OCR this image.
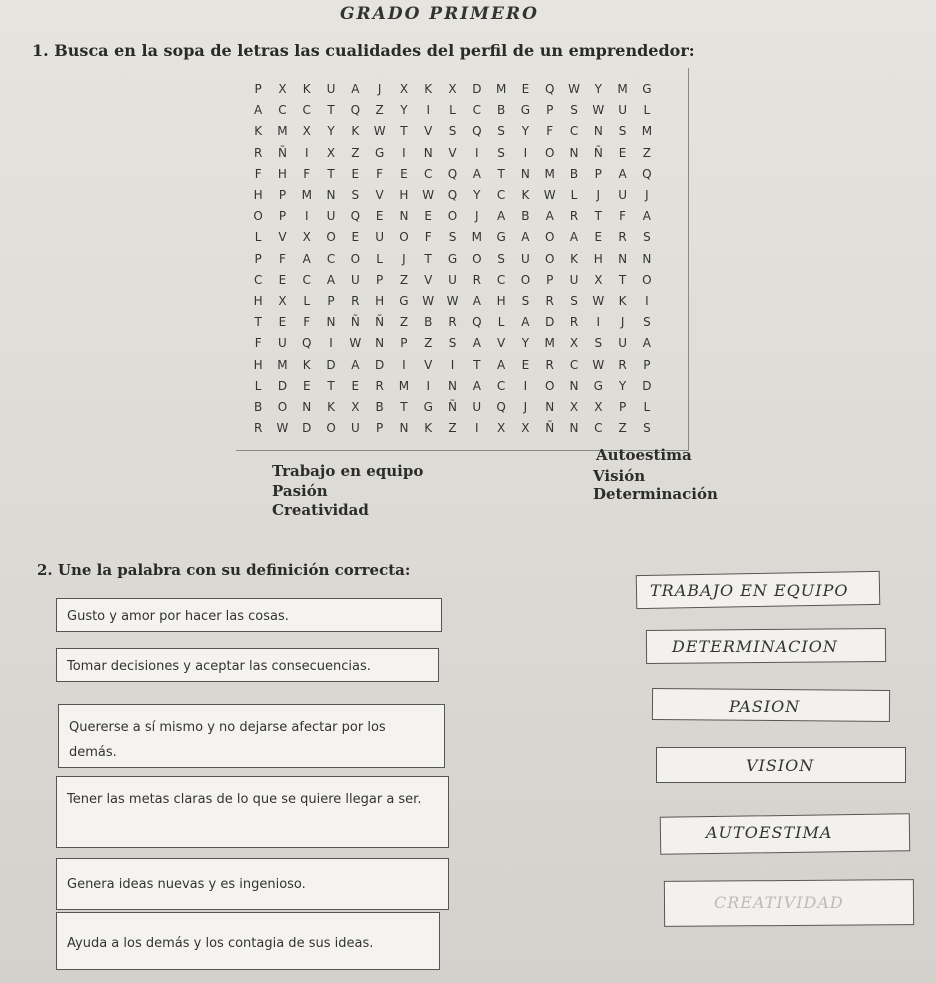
GRADO PRIMERO
1. Busca en la sopa de letras las cualidades del perfil de un emprendedor:
P	X	K	U	A	J	X	K	X	D	M	E	Q	W	Y	M	G
A	C	C	T	Q	Z	Y	I	L	C	B	G	P	S	W	U	L
K	M	X	Y	K	W	T	V	S	Q	S	Y	F	C	N	S	M
R	Ñ	I	X	Z	G	I	N	V	I	S	I	O	N	Ñ	E	Z
F	H	F	T	E	F	E	C	Q	A	T	N	M	B	P	A	Q
H	P	M	N	S	V	H	W	Q	Y	C	K	W	L	J	U	J
O	P	I	U	Q	E	N	E	O	J	A	B	A	R	T	F	A
L	V	X	O	E	U	O	F	S	M	G	A	O	A	E	R	S
P	F	A	C	O	L	J	T	G	O	S	U	O	K	H	N	N
C	E	C	A	U	P	Z	V	U	R	C	O	P	U	X	T	O
H	X	L	P	R	H	G	W	W	A	H	S	R	S	W	K	I
T	E	F	N	Ñ	Ñ	Z	B	R	Q	L	A	D	R	I	J	S
F	U	Q	I	W	N	P	Z	S	A	V	Y	M	X	S	U	A
H	M	K	D	A	D	I	V	I	T	A	E	R	C	W	R	P
L	D	E	T	E	R	M	I	N	A	C	I	O	N	G	Y	D
B	O	N	K	X	B	T	G	Ñ	U	Q	J	N	X	X	P	L
R	W	D	O	U	P	N	K	Z	I	X	X	Ñ	N	C	Z	S
Trabajo en equipo
Pasión
Creatividad
Autoestima
Visión
Determinación
2. Une la palabra con su definición correcta:
Gusto y amor por hacer las cosas.
Tomar decisiones y aceptar las consecuencias.
Quererse a sí mismo y no dejarse afectar por los demás.
Tener las metas claras de lo que se quiere llegar a ser.
Genera ideas nuevas y es ingenioso.
Ayuda a los demás y los contagia de sus ideas.
TRABAJO EN EQUIPO
DETERMINACION
PASION
VISION
AUTOESTIMA
CREATIVIDAD
